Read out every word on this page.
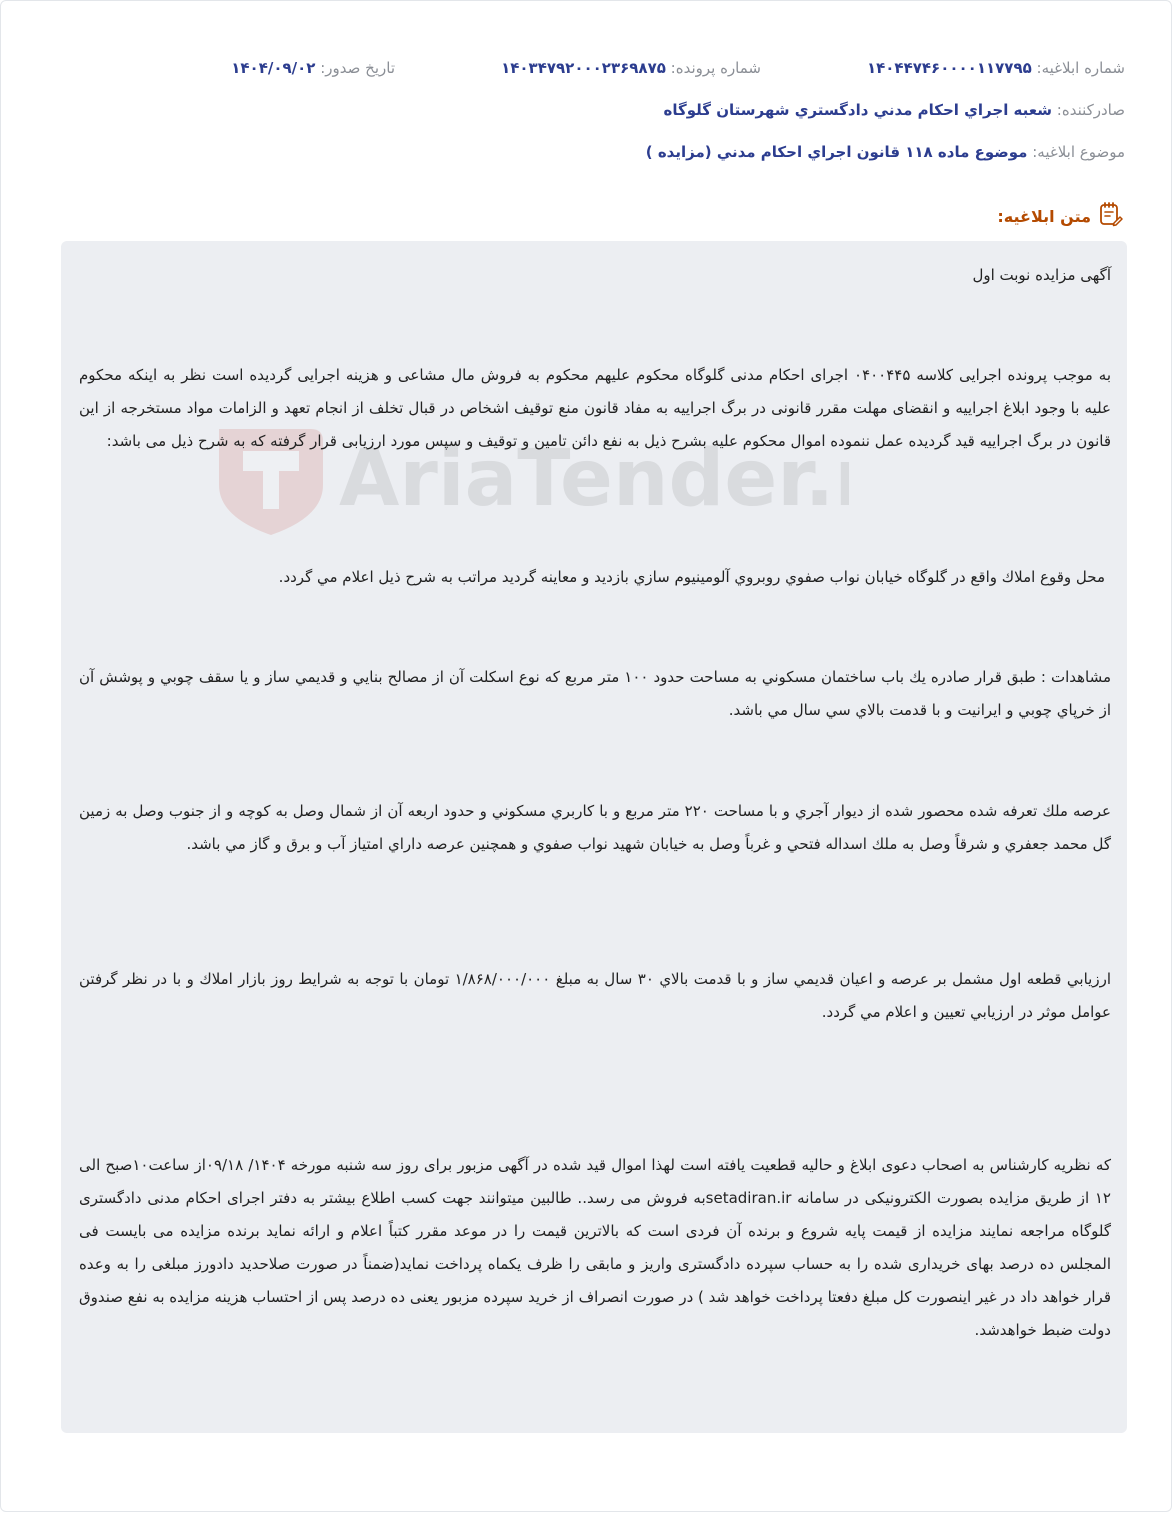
شماره ابلاغیه: ۱۴۰۴۴۷۴۶۰۰۰۰۱۱۷۷۹۵
شماره پرونده: ۱۴۰۳۴۷۹۲۰۰۰۲۳۶۹۸۷۵
تاریخ صدور: ۱۴۰۴/۰۹/۰۲
صادرکننده: شعبه اجراي احكام مدني دادگستري شهرستان گلوگاه
موضوع ابلاغیه: موضوع ماده ۱۱۸ قانون اجراي احكام مدني (مزايده )
متن ابلاغیه:
AriaTender.
آگهی مزایده نوبت اول
به موجب پرونده اجرایی کلاسه ۰۴۰۰۴۴۵ اجرای احکام مدنی گلوگاه محکوم علیهم محکوم به فروش مال مشاعی و هزینه اجرایی گردیده است نظر به اینکه محکوم علیه با وجود ابلاغ اجراییه و انقضای مهلت مقرر قانونی در برگ اجراییه به مفاد قانون منع توقیف اشخاص در قبال تخلف از انجام تعهد و الزامات مواد مستخرجه از این قانون در برگ اجراییه قید گردیده عمل ننموده اموال محکوم علیه بشرح ذیل به نفع دائن تامین و توقیف و سپس مورد ارزیابی قرار گرفته که به شرح ذیل می باشد:
محل وقوع املاك واقع در گلوگاه خيابان نواب صفوي روبروي آلومينيوم سازي بازديد و معاينه گرديد مراتب به شرح ذيل اعلام مي گردد.
مشاهدات : طبق قرار صادره يك باب ساختمان مسكوني به مساحت حدود ۱۰۰ متر مربع كه نوع اسكلت آن از مصالح بنايي و قديمي ساز و يا سقف چوبي و پوشش آن از خرپاي چوبي و ايرانيت و با قدمت بالاي سي سال مي باشد.
عرصه ملك تعرفه شده محصور شده از ديوار آجري و با مساحت ۲۲۰ متر مربع و با كاربري مسكوني و حدود اربعه آن از شمال وصل به كوچه و از جنوب وصل به زمين گل محمد جعفري و شرقاً وصل به ملك اسداله فتحي و غرباً وصل به خيابان شهيد نواب صفوي و همچنين عرصه داراي امتياز آب و برق و گاز مي باشد.
ارزيابي قطعه اول مشمل بر عرصه و اعيان قديمي ساز و با قدمت بالاي ۳۰ سال به مبلغ ۱/۸۶۸/۰۰۰/۰۰۰ تومان با توجه به شرايط روز بازار املاك و با در نظر گرفتن عوامل موثر در ارزيابي تعيين و اعلام مي گردد.
که نظریه کارشناس به اصحاب دعوی ابلاغ و حالیه قطعیت یافته است لهذا اموال قید شده در آگهی مزبور برای روز سه شنبه مورخه ۱۴۰۴/ ۰۹/۱۸از ساعت۱۰صبح الی ۱۲ از طریق مزایده بصورت الکترونیکی در سامانه setadiran.irبه فروش می رسد.. طالبین میتوانند جهت کسب اطلاع بیشتر به دفتر اجرای احکام مدنی دادگستری گلوگاه مراجعه نمایند مزایده از قیمت پایه شروع و برنده آن فردی است که بالاترین قیمت را در موعد مقرر کتباً اعلام و ارائه نماید برنده مزایده می بایست فی المجلس ده درصد بهای خریداری شده را به حساب سپرده دادگستری واریز و مابقی را ظرف یکماه پرداخت نماید(ضمناً در صورت صلاحدید دادورز مبلغی را به وعده قرار خواهد داد در غیر اینصورت کل مبلغ دفعتا پرداخت خواهد شد ) در صورت انصراف از خرید سپرده مزبور یعنی ده درصد پس از احتساب هزینه مزایده به نفع صندوق دولت ضبط خواهدشد.
